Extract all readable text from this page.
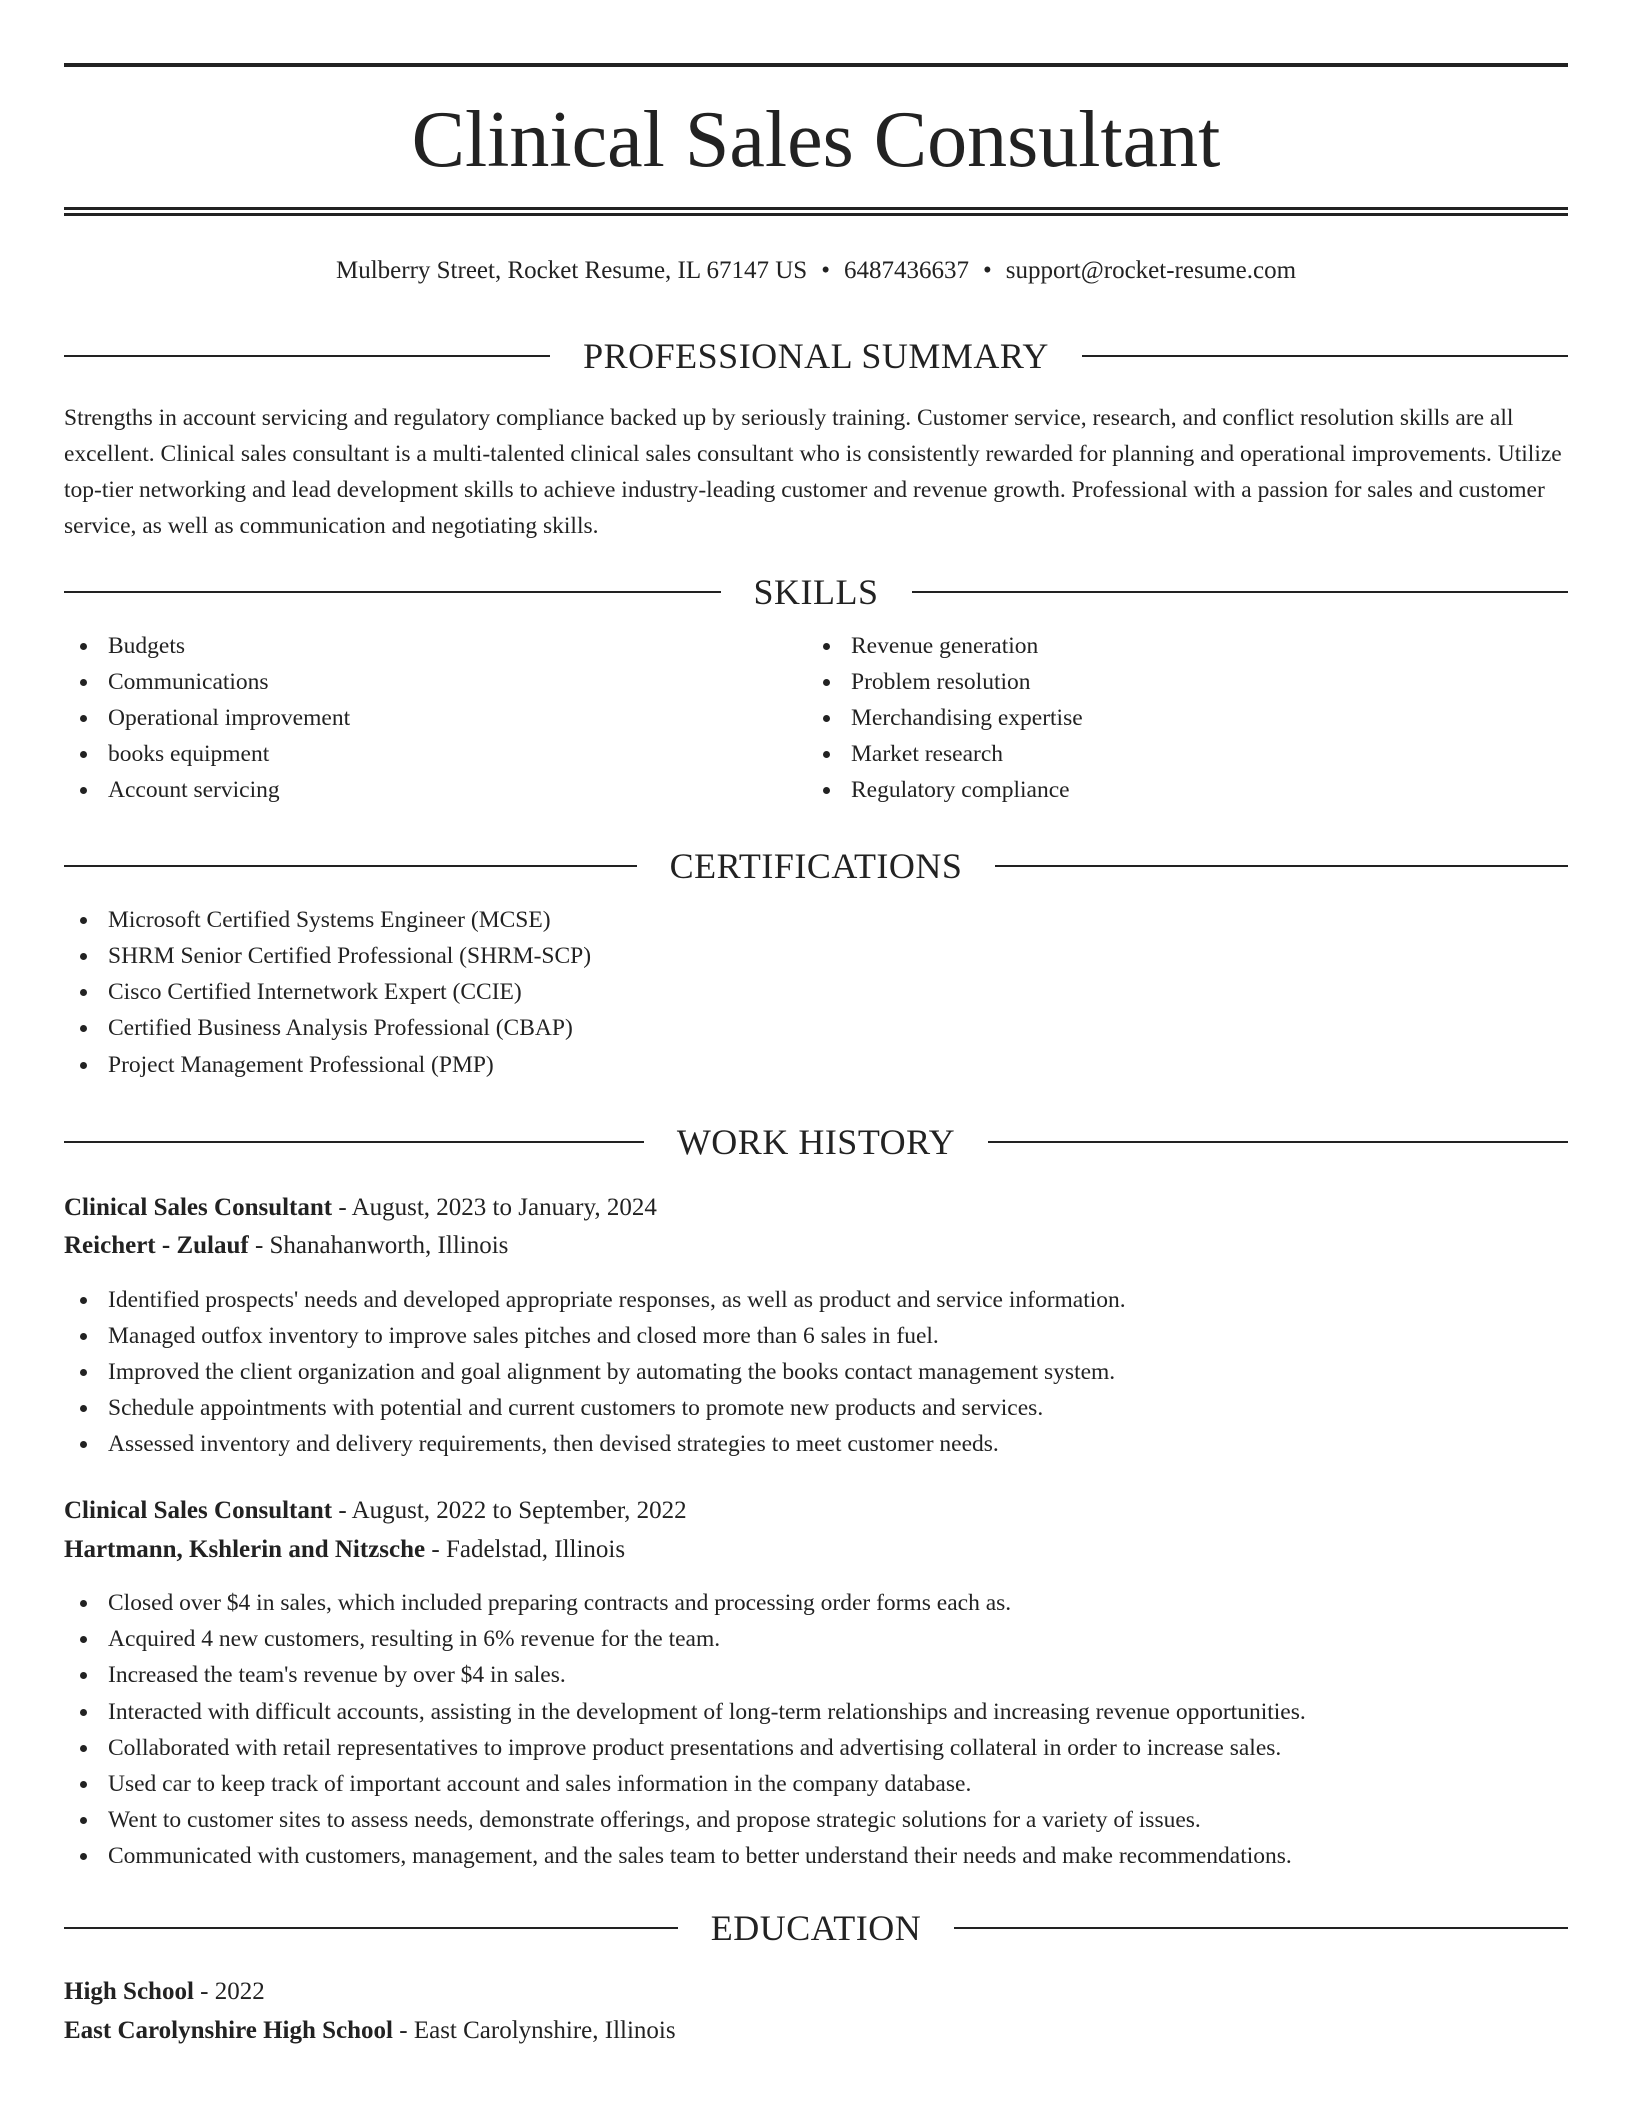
Clinical Sales Consultant
Mulberry Street, Rocket Resume, IL 67147 US • 6487436637 • support@rocket-resume.com
PROFESSIONAL SUMMARY

Strengths in account servicing and regulatory compliance backed up by seriously training. Customer service, research, and conflict resolution skills are all excellent. Clinical sales consultant is a multi-talented clinical sales consultant who is consistently rewarded for planning and operational improvements. Utilize top-tier networking and lead development skills to achieve industry-leading customer and revenue growth. Professional with a passion for sales and customer service, as well as communication and negotiating skills.

SKILLS
Budgets
Communications
Operational improvement
books equipment
Account servicing
Revenue generation
Problem resolution
Merchandising expertise
Market research
Regulatory compliance
CERTIFICATIONS
Microsoft Certified Systems Engineer (MCSE)
SHRM Senior Certified Professional (SHRM-SCP)
Cisco Certified Internetwork Expert (CCIE)
Certified Business Analysis Professional (CBAP)
Project Management Professional (PMP)
WORK HISTORY
Clinical Sales Consultant - August, 2023 to January, 2024
Reichert - Zulauf - Shanahanworth, Illinois
Identified prospects' needs and developed appropriate responses, as well as product and service information.
Managed outfox inventory to improve sales pitches and closed more than 6 sales in fuel.
Improved the client organization and goal alignment by automating the books contact management system.
Schedule appointments with potential and current customers to promote new products and services.
Assessed inventory and delivery requirements, then devised strategies to meet customer needs.
Clinical Sales Consultant - August, 2022 to September, 2022
Hartmann, Kshlerin and Nitzsche - Fadelstad, Illinois
Closed over $4 in sales, which included preparing contracts and processing order forms each as.
Acquired 4 new customers, resulting in 6% revenue for the team.
Increased the team's revenue by over $4 in sales.
Interacted with difficult accounts, assisting in the development of long-term relationships and increasing revenue opportunities.
Collaborated with retail representatives to improve product presentations and advertising collateral in order to increase sales.
Used car to keep track of important account and sales information in the company database.
Went to customer sites to assess needs, demonstrate offerings, and propose strategic solutions for a variety of issues.
Communicated with customers, management, and the sales team to better understand their needs and make recommendations.
EDUCATION
High School - 2022
East Carolynshire High School - East Carolynshire, Illinois
